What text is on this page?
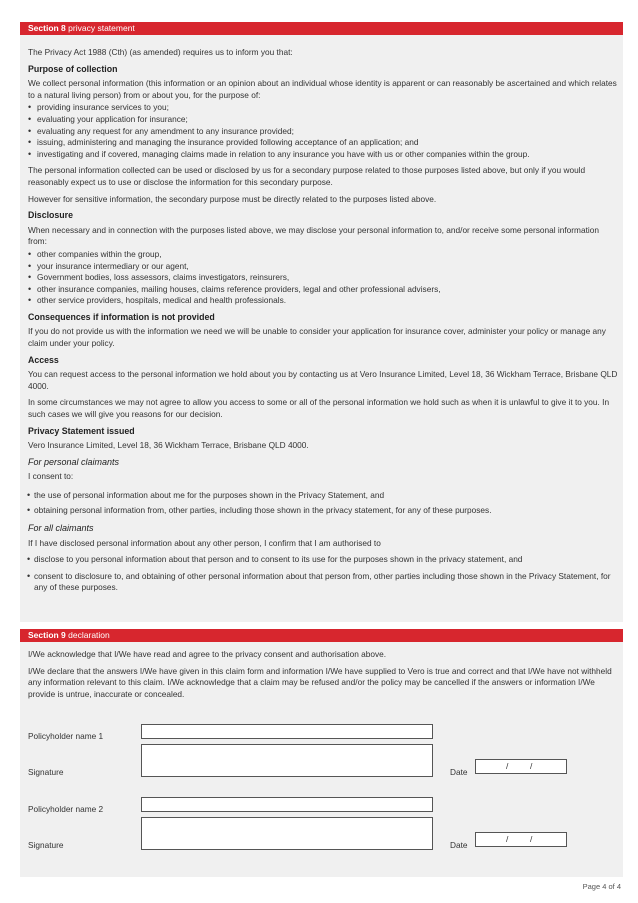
Section 8 privacy statement

The Privacy Act 1988 (Cth) (as amended) requires us to inform you that:

Purpose of collection

We collect personal information (this information or an opinion about an individual whose identity is apparent or can reasonably be ascertained and which relates to a natural living person) from or about you, for the purpose of:

• providing insurance services to you;
• evaluating your application for insurance;
• evaluating any request for any amendment to any insurance provided;
• issuing, administering and managing the insurance provided following acceptance of an application; and
• investigating and if covered, managing claims made in relation to any insurance you have with us or other companies within the group.

The personal information collected can be used or disclosed by us for a secondary purpose related to those purposes listed above, but only if you would reasonably expect us to use or disclose the information for this secondary purpose.

However for sensitive information, the secondary purpose must be directly related to the purposes listed above.

Disclosure

When necessary and in connection with the purposes listed above, we may disclose your personal information to, and/or receive some personal information from:

• other companies within the group,
• your insurance intermediary or our agent,
• Government bodies, loss assessors, claims investigators, reinsurers,
• other insurance companies, mailing houses, claims reference providers, legal and other professional advisers,
• other service providers, hospitals, medical and health professionals.
Consequences if information is not provided

If you do not provide us with the information we need we will be unable to consider your application for insurance cover, administer your policy or manage any claim under your policy.

Access

You can request access to the personal information we hold about you by contacting us at Vero Insurance Limited, Level 18, 36 Wickham Terrace, Brisbane QLD 4000.

In some circumstances we may not agree to allow you access to some or all of the personal information we hold such as when it is unlawful to give it to you. In such cases we will give you reasons for our decision.

Privacy Statement issued

Vero Insurance Limited, Level 18, 36 Wickham Terrace, Brisbane QLD 4000.

For personal claimants

I consent to:

• the use of personal information about me for the purposes shown in the Privacy Statement, and
• obtaining personal information from, other parties, including those shown in the privacy statement, for any of these purposes.
For all claimants

If I have disclosed personal information about any other person, I confirm that I am authorised to

• disclose to you personal information about that person and to consent to its use for the purposes shown in the privacy statement, and
• consent to disclosure to, and obtaining of other personal information about that person from, other parties including those shown in the Privacy Statement, for any of these purposes.
Section 9 declaration

I/We acknowledge that I/We have read and agree to the privacy consent and authorisation above.

I/We declare that the answers I/We have given in this claim form and information I/We have supplied to Vero is true and correct and that I/We have not withheld any information relevant to this claim. I/We acknowledge that a claim may be refused and/or the policy may be cancelled if the answers or information I/We provide is untrue, inaccurate or concealed.

Policyholder name 1
Signature	Date
/	/
Policyholder name 2
Signature	Date
/	/
Page 4 of 4
